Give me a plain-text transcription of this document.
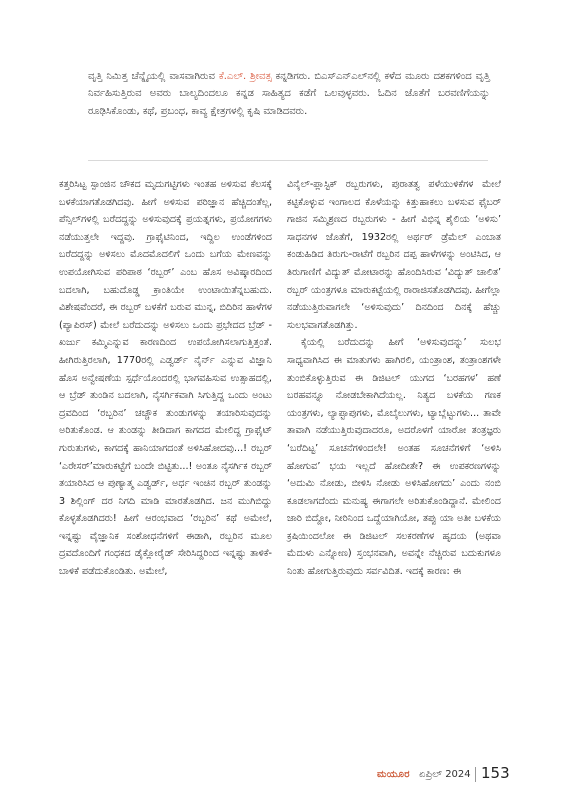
ವೃತ್ತಿ ನಿಮಿತ್ತ ಚೆನ್ನೈಯಲ್ಲಿ ವಾಸವಾಗಿರುವ ಕೆ.ಎಲ್. ಶ್ರೀವತ್ಸ ಕನ್ನಡಿಗರು. ಬಿಎಸ್‌ಎನ್‌ಎಲ್‌ನಲ್ಲಿ ಕಳೆದ ಮೂರು ದಶಕಗಳಿಂದ ವೃತ್ತಿ ನಿರ್ವಹಿಸುತ್ತಿರುವ ಅವರು ಬಾಲ್ಯದಿಂದಲೂ ಕನ್ನಡ ಸಾಹಿತ್ಯದ ಕಡೆಗೆ ಒಲವುಳ್ಳವರು. ಓದಿನ ಜೊತೆಗೆ ಬರವಣಿಗೆಯನ್ನು ರೂಢಿಸಿಕೊಂಡು, ಕಥೆ, ಪ್ರಬಂಧ, ಕಾವ್ಯ ಕ್ಷೇತ್ರಗಳಲ್ಲಿ ಕೃಷಿ ಮಾಡಿದವರು.

ಕತ್ತರಿಸಿಟ್ಟ ಸ್ಪಾಂಜಿನ ಚೌಕದ ಮೃದುಗಟ್ಟಿಗಳು ಇಂತಹ ಅಳಿಸುವ ಕೆಲಸಕ್ಕೆ ಬಳಕೆಯಾಗತೊಡಗಿದವು. ಹೀಗೆ ಅಳಿಸುವ ಪರಿಜ್ಞಾನ ಹೆಚ್ಚಿದಂತೆಲ್ಲ, ಪೆನ್ಸಿಲ್‌ಗಳಲ್ಲಿ ಬರೆದದ್ದನ್ನು ಅಳಿಸುವುದಕ್ಕೆ ಪ್ರಯತ್ನಗಳು, ಪ್ರಯೋಗಗಳು ನಡೆಯುತ್ತಲೇ ಇದ್ದವು. ಗ್ರಾಫೈಟಿನಿಂದ, ಇದ್ದಿಲ ಉಂಡೆಗಳಿಂದ ಬರೆದದ್ದನ್ನು ಅಳಿಸಲು ಮೊದಮೊದಲಿಗೆ ಒಂದು ಬಗೆಯ ಮೇಣವನ್ನು ಉಪಯೋಗಿಸುವ ಪರಿಪಾಠ ‘ರಬ್ಬರ್’ ಎಂಬ ಹೊಸ ಅವಿಷ್ಕಾರದಿಂದ ಬದಲಾಗಿ, ಬಹುದೊಡ್ಡ ಕ್ರಾಂತಿಯೇ ಉಂಟಾಯಿತೆನ್ನಬಹುದು. ವಿಶೇಷವೆಂದರೆ, ಈ ರಬ್ಬರ್ ಬಳಕೆಗೆ ಬರುವ ಮುನ್ನ, ಬಿದಿರಿನ ಹಾಳೆಗಳ (ಪ್ಯಾಪಿರಸ್) ಮೇಲೆ ಬರೆದುದನ್ನು ಅಳಿಸಲು ಒಂದು ಪ್ರಭೇದದ ಬ್ರೆಡ್ - ಖರ್ಜು ಕಮ್ಮಿಎನ್ನುವ ಕಾರಣದಿಂದ ಉಪಯೋಗಿಸಲಾಗುತ್ತಿತ್ತಂತೆ. ಹೀಗಿರುತ್ತಿರಲಾಗಿ, 1770ರಲ್ಲಿ ಎಡ್ವರ್ಡ್ ನೈರ್ನ್ ಎನ್ನುವ ವಿಜ್ಞಾನಿ ಹೊಸ ಅನ್ವೇಷಣೆಯ ಸ್ಪರ್ಧೆಯೊಂದರಲ್ಲಿ ಭಾಗವಹಿಸುವ ಉತ್ಸಾಹದಲ್ಲಿ, ಆ ಬ್ರೆಡ್ ತುಂಡಿನ ಬದಲಾಗಿ, ನೈಸರ್ಗಿಕವಾಗಿ ಸಿಗುತ್ತಿದ್ದ ಒಂದು ಅಂಟು ದ್ರವದಿಂದ ‘ರಬ್ಬರಿನ’ ಚಚ್ಚೌಕ ತುಂಡುಗಳನ್ನು ತಯಾರಿಸುವುದನ್ನು ಅರಿತುಕೊಂಡ. ಆ ತುಂಡನ್ನು ತೀಡಿದಾಗ ಕಾಗದದ ಮೇಲಿದ್ದ ಗ್ರಾಫೈಟ್ ಗುರುತುಗಳು, ಕಾಗದಕ್ಕೆ ಹಾನಿಯಾಗದಂತೆ ಅಳಿಸಿಹೋದವು...! ರಬ್ಬರ್ ‘ಎರೇಸರ್’ಮಾರುಕಟ್ಟೆಗೆ ಬಂದೇ ಬಿಟ್ಟಿತು...! ಅಂತೂ ನೈಸರ್ಗಿಕ ರಬ್ಬರ್ ತಯಾರಿಸಿದ ಆ ಪುಣ್ಯಾತ್ಮ ಎಡ್ವರ್ಡ್, ಅರ್ಧ ಇಂಚಿನ ರಬ್ಬರ್ ತುಂಡನ್ನು 3 ಶಿಲ್ಲಿಂಗ್ ದರ ನಿಗದಿ ಮಾಡಿ ಮಾರತೊಡಗಿದ. ಜನ ಮುಗಿಬಿದ್ದು ಕೊಳ್ಳತೊಡಗಿದರು! ಹೀಗೆ ಆರಂಭವಾದ ‘ರಬ್ಬರಿನ’ ಕಥೆ ಅಮೇಲೆ, ಇನ್ನಷ್ಟು ವೈಜ್ಞಾನಿಕ ಸಂಶೋಧನೆಗಳಿಗೆ ಈಡಾಗಿ, ರಬ್ಬರಿನ ಮೂಲ ದ್ರವದೊಂದಿಗೆ ಗಂಧಕದ ಡೈಕ್ಲೋರೈಡ್ ಸೇರಿಸಿದ್ದರಿಂದ ಇನ್ನಷ್ಟು ತಾಳಿಕೆ-ಬಾಳಿಕೆ ಪಡೆದುಕೊಂಡಿತು. ಅಮೇಲೆ,

ವಿನೈಲ್-ಪ್ಲಾಸ್ಟಿಕ್ ರಬ್ಬರುಗಳು, ಪುರಾತತ್ವ ಪಳೆಯುಳಿಕೆಗಳ ಮೇಲೆ ಕಟ್ಟಿಕೊಳ್ಳುವ ಇಂಗಾಲದ ಕೊಳೆಯನ್ನು ಕಿತ್ತುಹಾಕಲು ಬಳಸುವ ಫೈಬರ್ ಗಾಜಿನ ಸಮ್ಮಿಶ್ರಣದ ರಬ್ಬರುಗಳು - ಹೀಗೆ ವಿಭಿನ್ನ ಶೈಲಿಯ ‘ಅಳಿಸು’ ಸಾಧನಗಳ ಜೊತೆಗೆ, 1932ರಲ್ಲಿ ಅರ್ಥರ್ ಡ್ರೆಮೆಲ್ ಎಂಬಾತ ಕಂಡುಹಿಡಿದ ತಿರುಗು-ರಾಟೆಗೆ ರಬ್ಬರಿನ ದಪ್ಪ ಹಾಳೆಗಳನ್ನು ಅಂಟಿಸಿದ, ಆ ತಿರುಗಾಣಿಗೆ ವಿದ್ಯುತ್ ಮೋಟಾರನ್ನು ಹೊಂದಿಸಿರುವ ‘ವಿದ್ಯುತ್ ಚಾಲಿತ’ ರಬ್ಬರ್ ಯಂತ್ರಗಳೂ ಮಾರುಕಟ್ಟೆಯಲ್ಲಿ ರಾರಾಜಿಸತೊಡಗಿದವು. ಹೀಗೆಲ್ಲಾ ನಡೆಯುತ್ತಿರುವಾಗಲೇ ‘ಅಳಿಸುವುದು’ ದಿನದಿಂದ ದಿನಕ್ಕೆ ಹೆಚ್ಚು ಸುಲಭವಾಗತೊಡಗಿತ್ತು.

ಕೈಯಲ್ಲಿ ಬರೆದುದನ್ನು ಹೀಗೆ ‘ಅಳಿಸುವುದನ್ನು’ ಸುಲಭ ಸಾಧ್ಯವಾಗಿಸಿದ ಈ ಮಾತುಗಳು ಹಾಗಿರಲಿ, ಯಂತ್ರಾಂಶ, ತಂತ್ರಾಂಶಗಳೇ ತುಂಬಿಕೊಳ್ಳುತ್ತಿರುವ ಈ ಡಿಜಿಟಲ್ ಯುಗದ ‘ಬರಹಗಳ’ ಹಣೆ ಬರಹವನ್ನೂ ನೋಡಬೇಕಾಗಿದೆಯಲ್ಲ. ನಿತ್ಯದ ಬಳಕೆಯ ಗಣಕ ಯಂತ್ರಗಳು, ಲ್ಯಾಪ್ಟಾಪುಗಳು, ಮೊಬೈಲುಗಳು, ಟ್ಯಾಬ್ಲೆಟ್ಟುಗಳು... ತಾವೇ ತಾವಾಗಿ ನಡೆಯುತ್ತಿರುವುದಾದರೂ, ಅದರೊಳಗೆ ಯಾರೋ ತಂತ್ರಜ್ಞರು ‘ಬರೆದಿಟ್ಟ’ ಸೂಚನೆಗಳಿಂದಲೇ! ಅಂತಹ ಸೂಚನೆಗಳಿಗೆ ‘ಅಳಿಸಿ ಹೋಗುವ’ ಭಯ ಇಲ್ಲದೆ ಹೋದೀತೇ? ಈ ಉಪಕರಣಗಳನ್ನು ‘ಅದುಮಿ ನೋಡು, ಬೀಳಿಸಿ ನೋಡು ಅಳಿಸಿಹೋಗದು’ ಎಂದು ನಂಬಿ ಕೂಡಲಾಗದೆಂದು ಮನುಷ್ಯ ಈಗಾಗಲೇ ಅರಿತುಕೊಂಡಿದ್ದಾನೆ. ಮೇಲಿಂದ ಜಾರಿ ಬಿದ್ದೋ, ನೀರಿನಿಂದ ಒದ್ದೆಯಾಗಿಯೋ, ತಪ್ಪು ಯಾ ಅತೀ ಬಳಕೆಯ ಕ್ರಷಿಯಿಂದಲೋ ಈ ಡಿಜಿಟಲ್ ಸಲಕರಣೆಗಳ ಹೃದಯ (ಅಥವಾ ಮೆದುಳು ಎನ್ನೋಣ) ಸ್ತಂಭನವಾಗಿ, ಅವನ್ನೇ ನೆಚ್ಚಿರುವ ಬದುಕುಗಳೂ ನಿಂತು ಹೋಗುತ್ತಿರುವುದು ಸರ್ವವಿದಿತ. ಇದಕ್ಕೆ ಕಾರಣ: ಈ

ಮಯೂರ ಏಪ್ರಿಲ್ 2024 153
